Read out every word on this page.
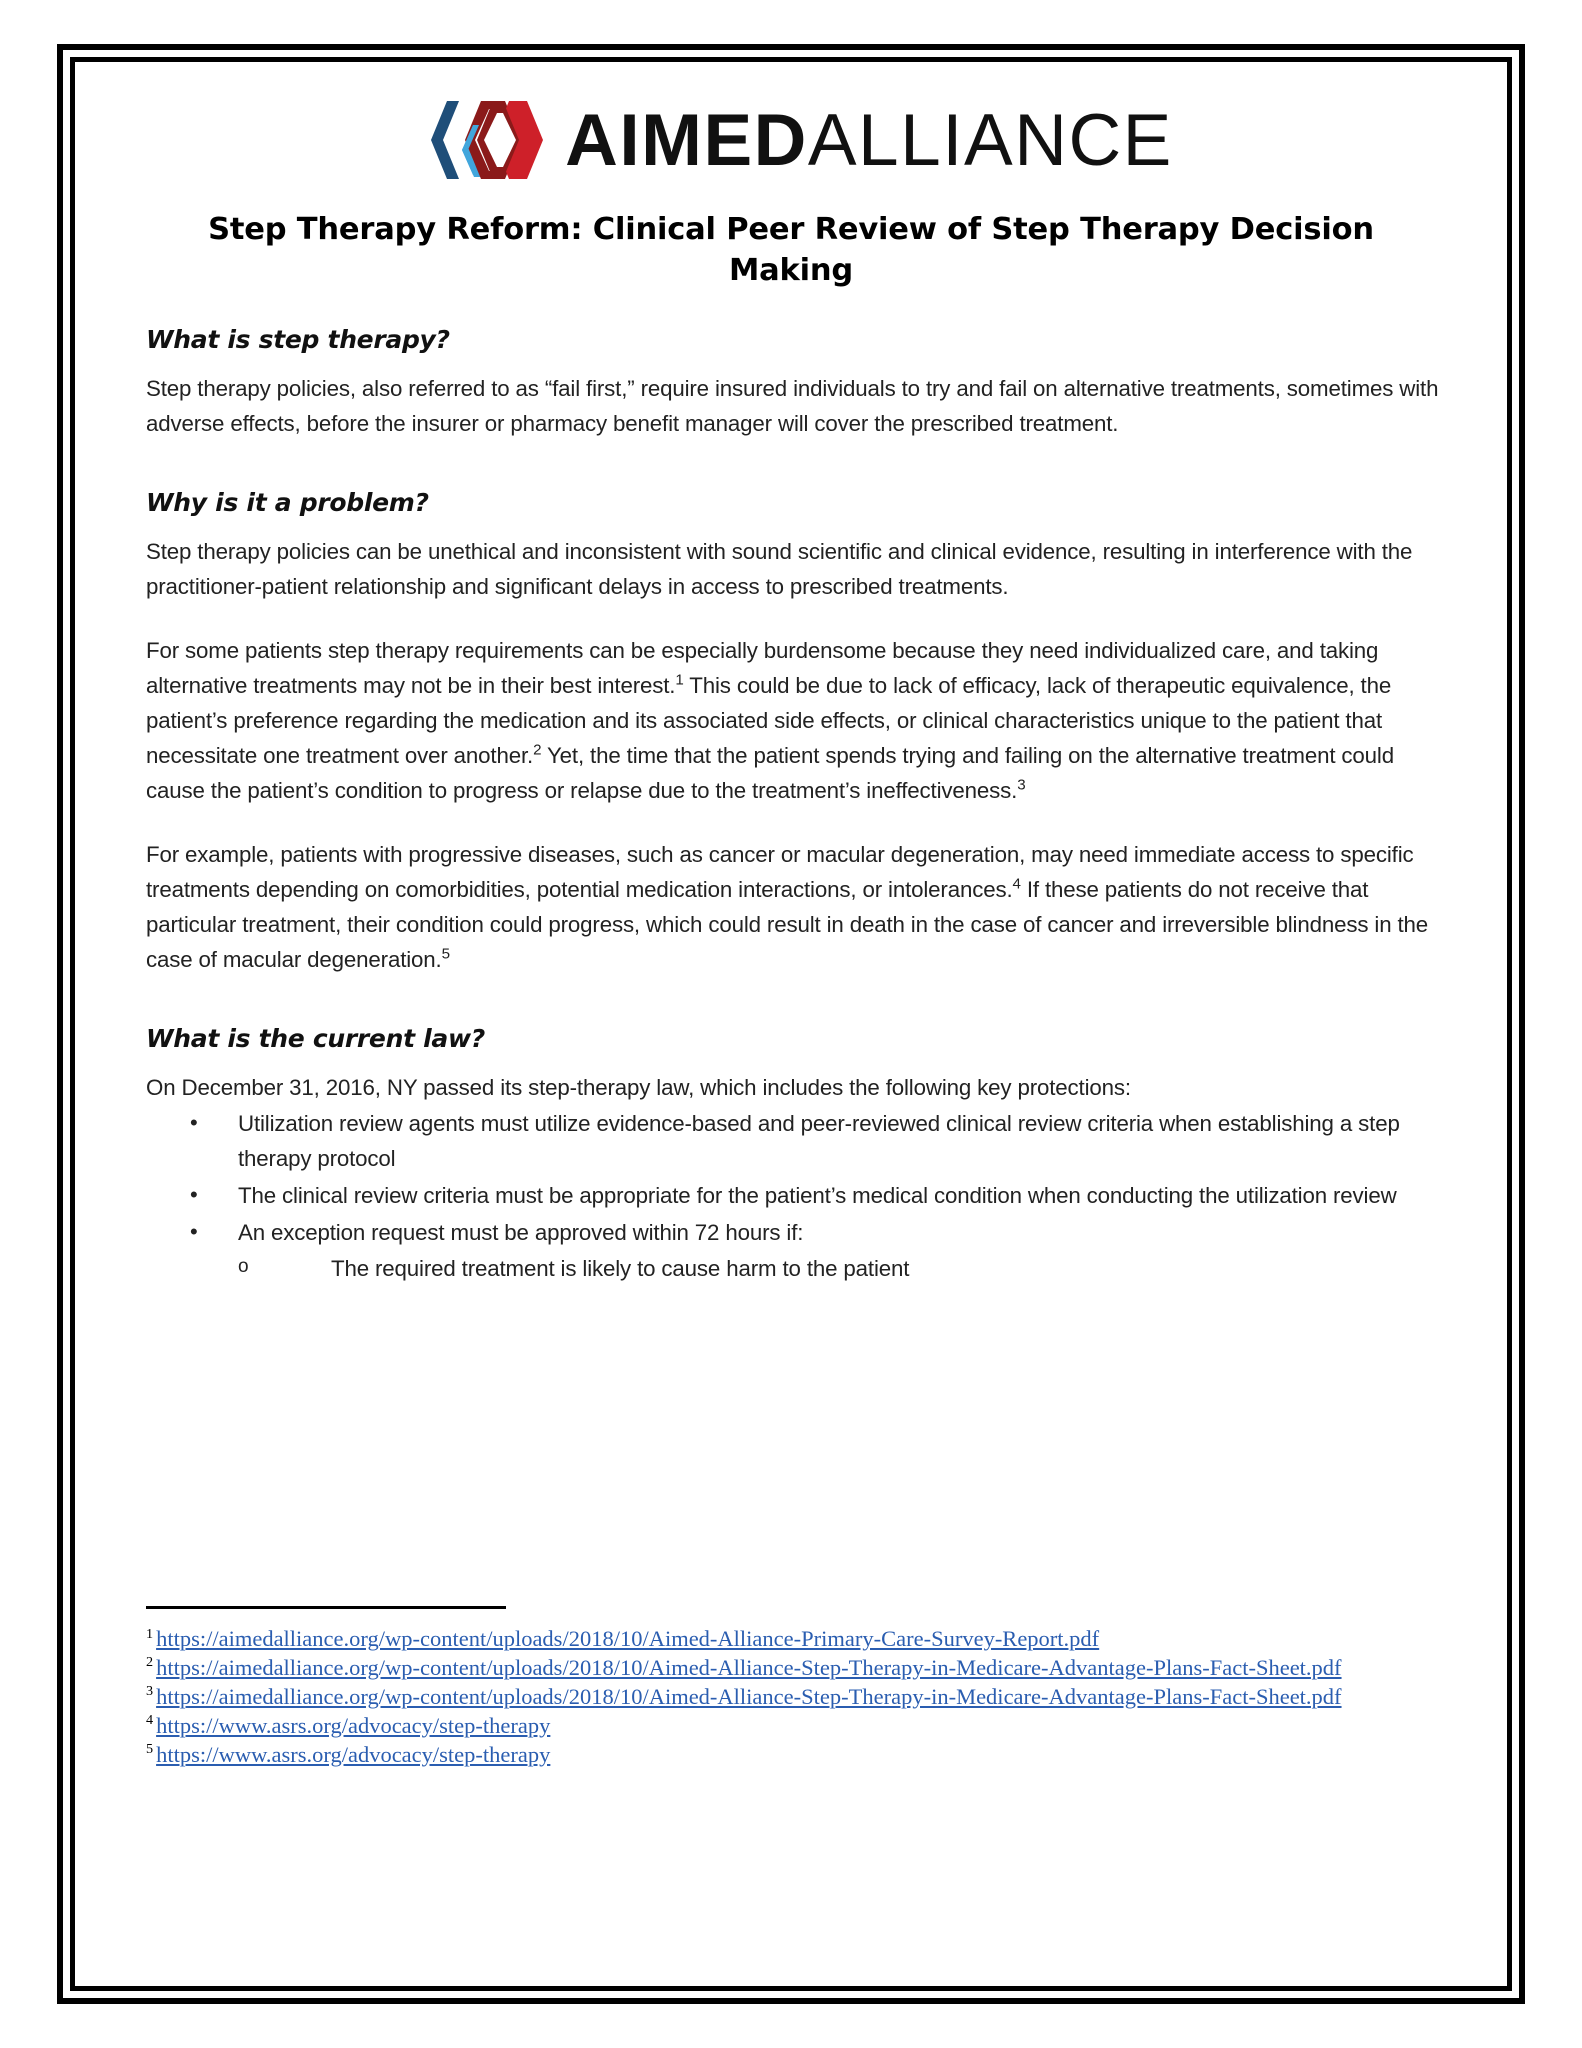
AIMEDALLIANCE
Step Therapy Reform: Clinical Peer Review of Step Therapy Decision Making
What is step therapy?

Step therapy policies, also referred to as “fail first,” require insured individuals to try and fail on alternative treatments, sometimes with adverse effects, before the insurer or pharmacy benefit manager will cover the prescribed treatment.

Why is it a problem?

Step therapy policies can be unethical and inconsistent with sound scientific and clinical evidence, resulting in interference with the practitioner-patient relationship and significant delays in access to prescribed treatments.

For some patients step therapy requirements can be especially burdensome because they need individualized care, and taking alternative treatments may not be in their best interest.$^1$ This could be due to lack of efficacy, lack of therapeutic equivalence, the patient’s preference regarding the medication and its associated side effects, or clinical characteristics unique to the patient that necessitate one treatment over another.$^2$ Yet, the time that the patient spends trying and failing on the alternative treatment could cause the patient’s condition to progress or relapse due to the treatment’s ineffectiveness.$^3$

For example, patients with progressive diseases, such as cancer or macular degeneration, may need immediate access to specific treatments depending on comorbidities, potential medication interactions, or intolerances.$^4$ If these patients do not receive that particular treatment, their condition could progress, which could result in death in the case of cancer and irreversible blindness in the case of macular degeneration.$^5$

What is the current law?

On December 31, 2016, NY passed its step-therapy law, which includes the following key protections:

• Utilization review agents must utilize evidence-based and peer-reviewed clinical review criteria when establishing a step therapy protocol
• The clinical review criteria must be appropriate for the patient’s medical condition when conducting the utilization review
• An exception request must be approved within 72 hours if:
o The required treatment is likely to cause harm to the patient

$^1$ https://aimedalliance.org/wp-content/uploads/2018/10/Aimed-Alliance-Primary-Care-Survey-Report.pdf

$^2$ https://aimedalliance.org/wp-content/uploads/2018/10/Aimed-Alliance-Step-Therapy-in-Medicare-Advantage-Plans-Fact-Sheet.pdf

$^3$ https://aimedalliance.org/wp-content/uploads/2018/10/Aimed-Alliance-Step-Therapy-in-Medicare-Advantage-Plans-Fact-Sheet.pdf

$^4$ https://www.asrs.org/advocacy/step-therapy

$^5$ https://www.asrs.org/advocacy/step-therapy
